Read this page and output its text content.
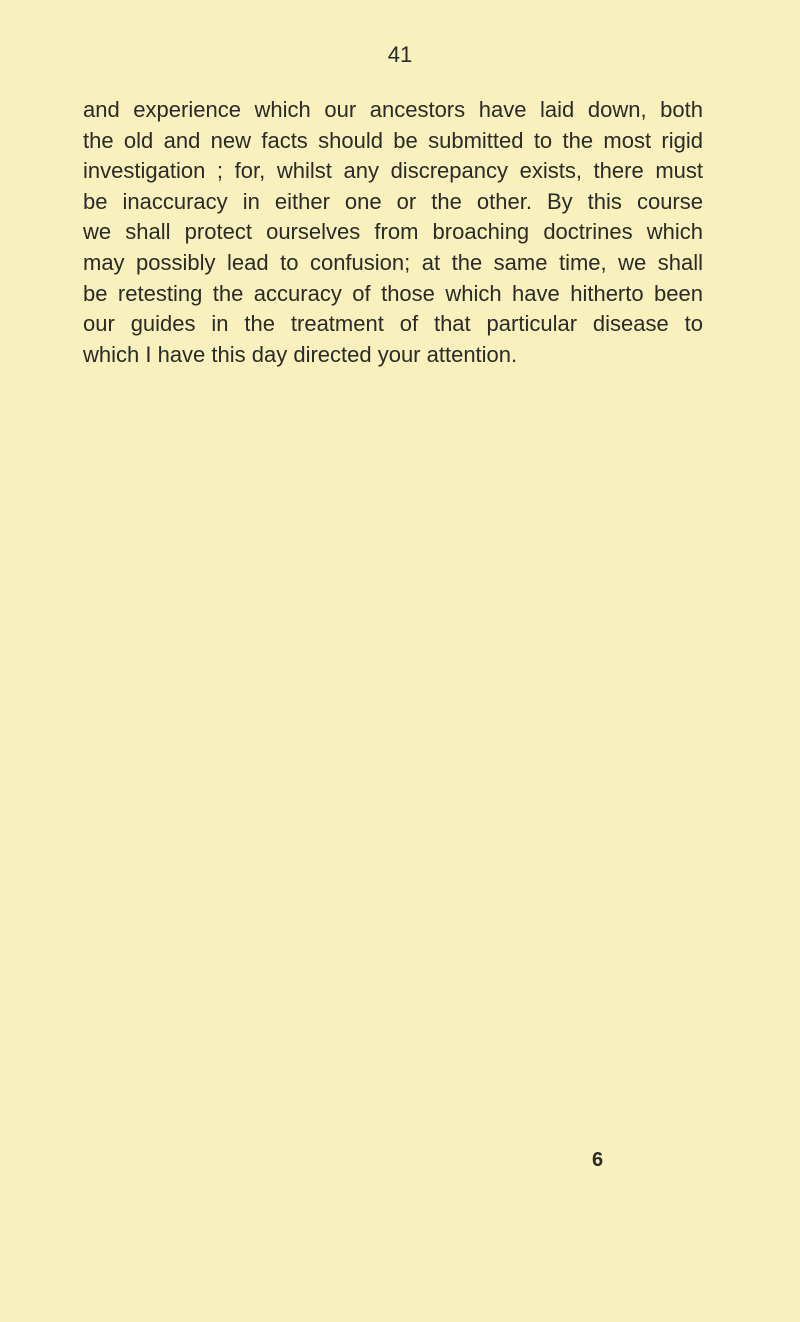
41
and experience which our ancestors have laid down, both
the old and new facts should be submitted to the most rigid
investigation ; for, whilst any discrepancy exists, there must
be inaccuracy in either one or the other. By this course
we shall protect ourselves from broaching doctrines which
may possibly lead to confusion; at the same time, we shall
be retesting the accuracy of those which have hitherto been
our guides in the treatment of that particular disease to
which I have this day directed your attention.
6
